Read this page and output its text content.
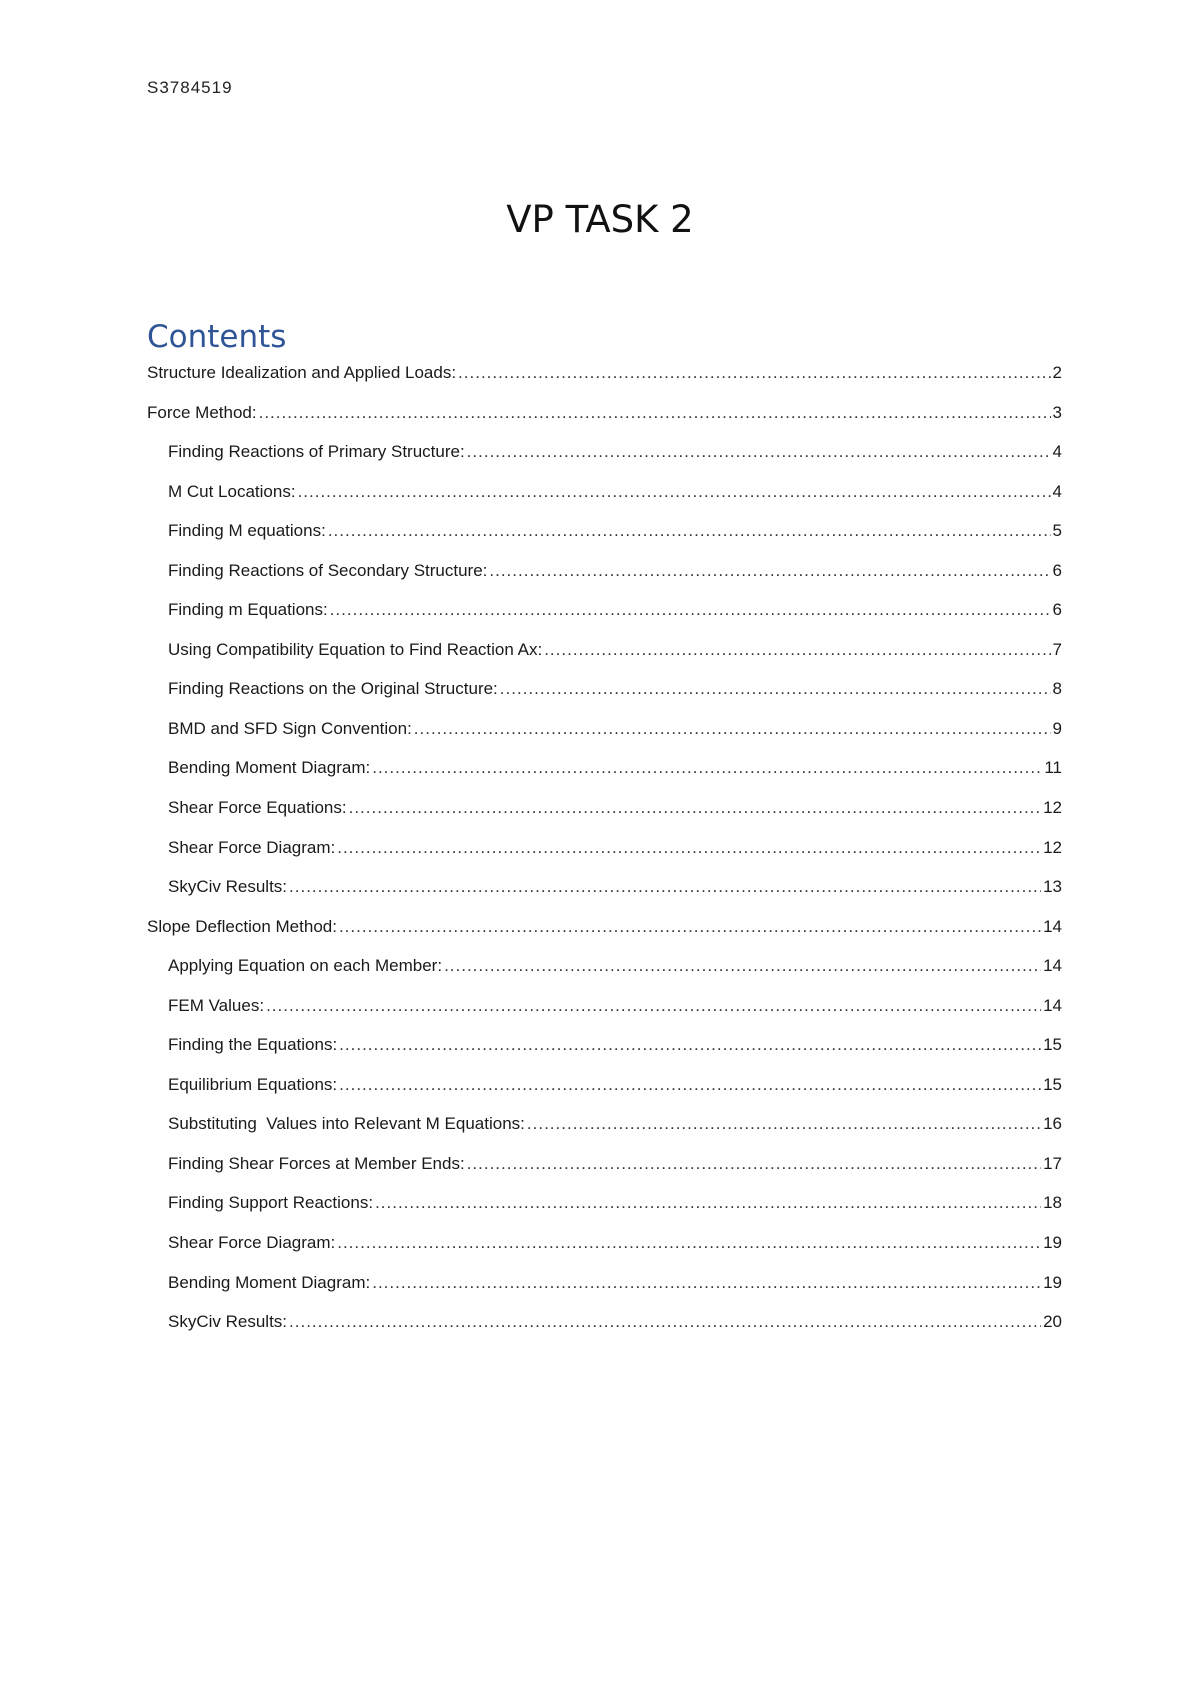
S3784519
VP TASK 2
Contents
Structure Idealization and Applied Loads: .....	2
Force Method: .....	3
Finding Reactions of Primary Structure: .....	4
M Cut Locations: .....	4
Finding M equations: .....	5
Finding Reactions of Secondary Structure: .....	6
Finding m Equations: .....	6
Using Compatibility Equation to Find Reaction Ax: .....	7
Finding Reactions on the Original Structure: .....	8
BMD and SFD Sign Convention: .....	9
Bending Moment Diagram: .....	11
Shear Force Equations: .....	12
Shear Force Diagram: .....	12
SkyCiv Results: .....	13
Slope Deflection Method: .....	14
Applying Equation on each Member: .....	14
FEM Values: .....	14
Finding the Equations: .....	15
Equilibrium Equations: .....	15
Substituting  Values into Relevant M Equations: .....	16
Finding Shear Forces at Member Ends: .....	17
Finding Support Reactions: .....	18
Shear Force Diagram: .....	19
Bending Moment Diagram: .....	19
SkyCiv Results: .....	20
